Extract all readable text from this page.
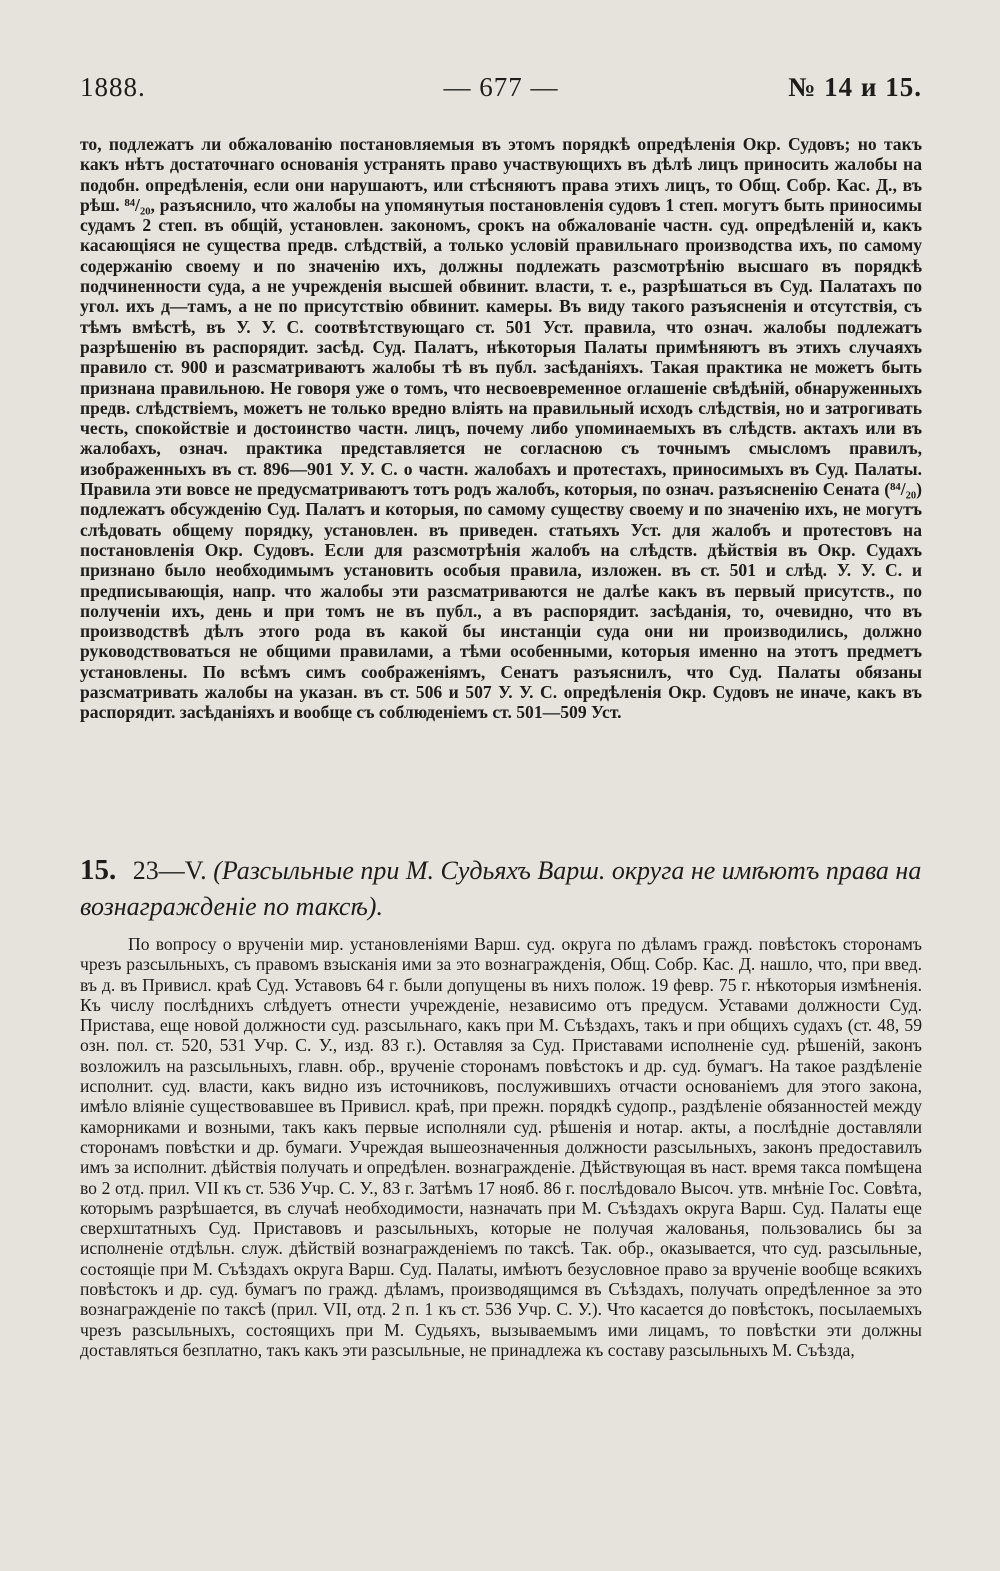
1888.	— 677 —	№ 14 и 15.

то, подлежатъ ли обжалованію постановляемыя въ этомъ порядкѣ опредѣленія Окр. Судовъ; но такъ какъ нѣтъ достаточнаго основанія устранять право участвующихъ въ дѣлѣ лицъ приносить жалобы на подобн. опредѣленія, если они нарушаютъ, или стѣсняютъ права этихъ лицъ, то Общ. Собр. Кас. Д., въ рѣш. ⁸⁴/₂₀, разъяснило, что жалобы на упомянутыя постановленія судовъ 1 степ. могутъ быть приносимы судамъ 2 степ. въ общій, установлен. закономъ, срокъ на обжалованіе частн. суд. опредѣленій и, какъ касающіяся не существа предв. слѣдствій, а только условій правильнаго производства ихъ, по самому содержанію своему и по значенію ихъ, должны подлежать разсмотрѣнію высшаго въ порядкѣ подчиненности суда, а не учрежденія высшей обвинит. власти, т. е., разрѣшаться въ Суд. Палатахъ по угол. ихъ д—тамъ, а не по присутствію обвинит. камеры. Въ виду такого разъясненія и отсутствія, съ тѣмъ вмѣстѣ, въ У. У. С. соотвѣтствующаго ст. 501 Уст. правила, что означ. жалобы подлежатъ разрѣшенію въ распорядит. засѣд. Суд. Палатъ, нѣкоторыя Палаты примѣняютъ въ этихъ случаяхъ правило ст. 900 и разсматриваютъ жалобы тѣ въ публ. засѣданіяхъ. Такая практика не можетъ быть признана правильною. Не говоря уже о томъ, что несвоевременное оглашеніе свѣдѣній, обнаруженныхъ предв. слѣдствіемъ, можетъ не только вредно влiять на правильный исходъ слѣдствія, но и затрогивать честь, спокойствіе и достоинство частн. лицъ, почему либо упоминаемыхъ въ слѣдств. актахъ или въ жалобахъ, означ. практика представляется не согласною съ точнымъ смысломъ правилъ, изображенныхъ въ ст. 896—901 У. У. С. о частн. жалобахъ и протестахъ, приносимыхъ въ Суд. Палаты. Правила эти вовсе не предусматриваютъ тотъ родъ жалобъ, которыя, по означ. разъясненію Сената (⁸⁴/₂₀) подлежатъ обсужденію Суд. Палатъ и которыя, по самому существу своему и по значенію ихъ, не могутъ слѣдовать общему порядку, установлен. въ приведен. статьяхъ Уст. для жалобъ и протестовъ на постановленія Окр. Судовъ. Если для разсмотрѣнія жалобъ на слѣдств. дѣйствія въ Окр. Судахъ признано было необходимымъ установить особыя правила, изложен. въ ст. 501 и слѣд. У. У. С. и предписывающія, напр. что жалобы эти разсматриваются не далѣе какъ въ первый присутств., по полученіи ихъ, день и при томъ не въ публ., а въ распорядит. засѣданія, то, очевидно, что въ производствѣ дѣлъ этого рода въ какой бы инстанціи суда они ни производились, должно руководствоваться не общими правилами, а тѣми особенными, которыя именно на этотъ предметъ установлены. По всѣмъ симъ соображеніямъ, Сенатъ разъяснилъ, что Суд. Палаты обязаны разсматривать жалобы на указан. въ ст. 506 и 507 У. У. С. опредѣленія Окр. Судовъ не иначе, какъ въ распорядит. засѣданіяхъ и вообще съ соблюденіемъ ст. 501—509 Уст.

15. 23—V. (Разсыльные при М. Судьяхъ Варш. округа не имѣютъ права на вознагражденіе по таксѣ).

По вопросу о врученіи мир. установленіями Варш. суд. округа по дѣламъ гражд. повѣстокъ сторонамъ чрезъ разсыльныхъ, съ правомъ взысканія ими за это вознагражденія, Общ. Собр. Кас. Д. нашло, что, при введ. въ д. въ Привисл. краѣ Суд. Уставовъ 64 г. были допущены въ нихъ полож. 19 февр. 75 г. нѣкоторыя измѣненія. Къ числу послѣднихъ слѣдуетъ отнести учрежденіе, независимо отъ предусм. Уставами должности Суд. Пристава, еще новой должности суд. разсыльнаго, какъ при М. Съѣздахъ, такъ и при общихъ судахъ (ст. 48, 59 озн. пол. ст. 520, 531 Учр. С. У., изд. 83 г.). Оставляя за Суд. Приставами исполненіе суд. рѣшеній, законъ возложилъ на разсыльныхъ, главн. обр., врученіе сторонамъ повѣстокъ и др. суд. бумагъ. На такое раздѣленіе исполнит. суд. власти, какъ видно изъ источниковъ, послужившихъ отчасти основаніемъ для этого закона, имѣло вліяніе существовавшее въ Привисл. краѣ, при прежн. порядкѣ судопр., раздѣленіе обязанностей между каморниками и возными, такъ какъ первые исполняли суд. рѣшенія и нотар. акты, а послѣдніе доставляли сторонамъ повѣстки и др. бумаги. Учреждая вышеозначенныя должности разсыльныхъ, законъ предоставилъ имъ за исполнит. дѣйствія получать и опредѣлен. вознагражденіе. Дѣйствующая въ наст. время такса помѣщена во 2 отд. прил. VII къ ст. 536 Учр. С. У., 83 г. Затѣмъ 17 нояб. 86 г. послѣдовало Высоч. утв. мнѣніе Гос. Совѣта, которымъ разрѣшается, въ случаѣ необходимости, назначать при М. Съѣздахъ округа Варш. Суд. Палаты еще сверхштатныхъ Суд. Приставовъ и разсыльныхъ, которые не получая жалованья, пользовались бы за исполненіе отдѣльн. служ. дѣйствій вознагражденіемъ по таксѣ. Так. обр., оказывается, что суд. разсыльные, состоящіе при М. Съѣздахъ округа Варш. Суд. Палаты, имѣютъ безусловное право за врученіе вообще всякихъ повѣстокъ и др. суд. бумагъ по гражд. дѣламъ, производящимся въ Съѣздахъ, получать опредѣленное за это вознагражденіе по таксѣ (прил. VII, отд. 2 п. 1 къ ст. 536 Учр. С. У.). Что касается до повѣстокъ, посылаемыхъ чрезъ разсыльныхъ, состоящихъ при М. Судьяхъ, вызываемымъ ими лицамъ, то повѣстки эти должны доставляться безплатно, такъ какъ эти разсыльные, не принадлежа къ составу разсыльныхъ М. Съѣзда,
